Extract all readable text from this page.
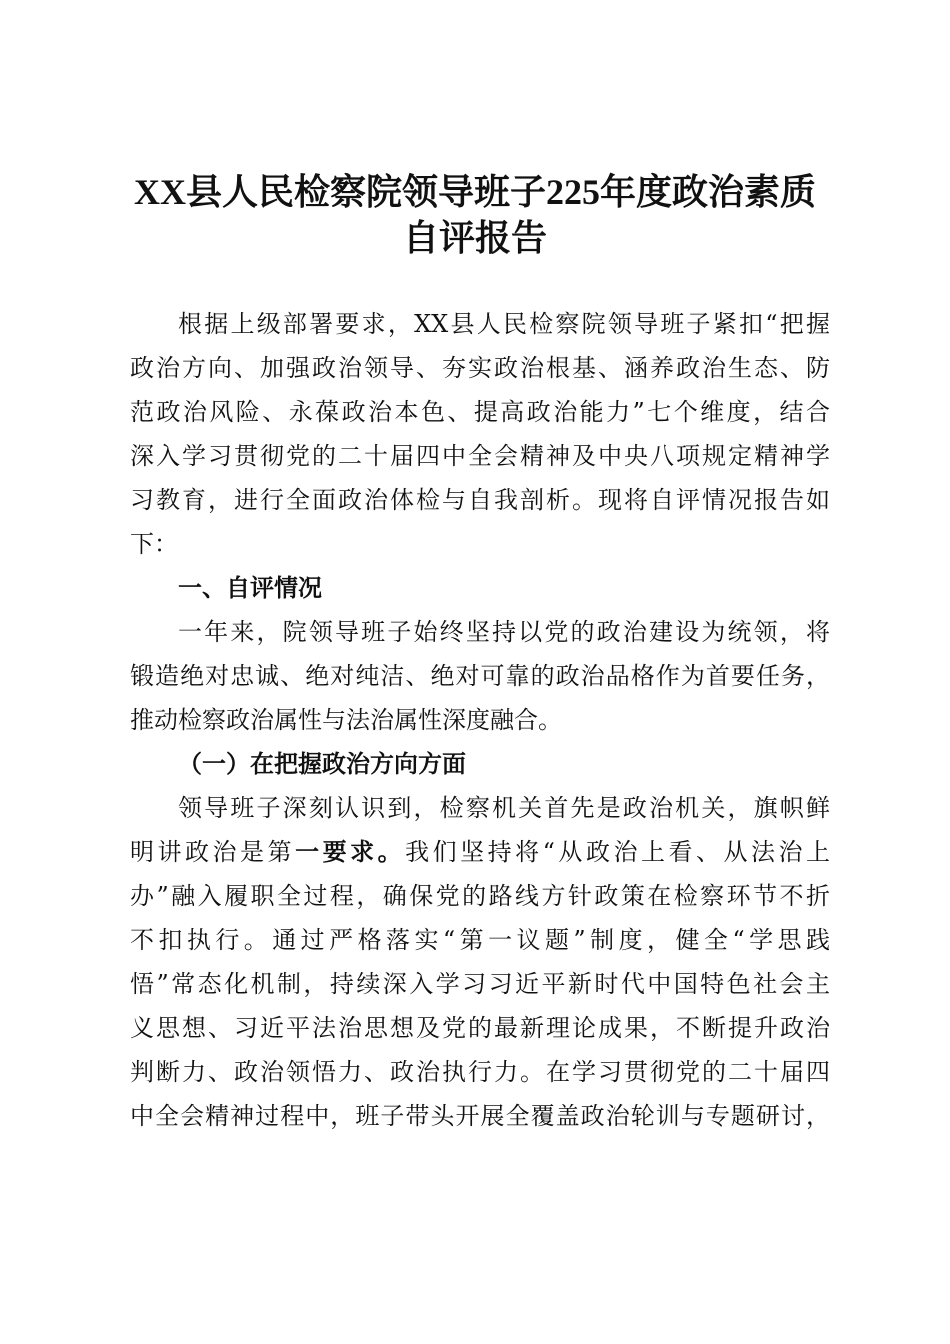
XX县人民检察院领导班子225年度政治素质
自评报告
根据上级部署要求，XX县人民检察院领导班子紧扣“把握
政治方向、加强政治领导、夯实政治根基、涵养政治生态、防
范政治风险、永葆政治本色、提高政治能力”七个维度，结合
深入学习贯彻党的二十届四中全会精神及中央八项规定精神学
习教育，进行全面政治体检与自我剖析。现将自评情况报告如
下：
一、自评情况
一年来，院领导班子始终坚持以党的政治建设为统领，将
锻造绝对忠诚、绝对纯洁、绝对可靠的政治品格作为首要任务，
推动检察政治属性与法治属性深度融合。
（一）在把握政治方向方面
领导班子深刻认识到，检察机关首先是政治机关，旗帜鲜
明讲政治是第一要求。我们坚持将“从政治上看、从法治上
办”融入履职全过程，确保党的路线方针政策在检察环节不折
不扣执行。通过严格落实“第一议题”制度，健全“学思践
悟”常态化机制，持续深入学习习近平新时代中国特色社会主
义思想、习近平法治思想及党的最新理论成果，不断提升政治
判断力、政治领悟力、政治执行力。在学习贯彻党的二十届四
中全会精神过程中，班子带头开展全覆盖政治轮训与专题研讨，
